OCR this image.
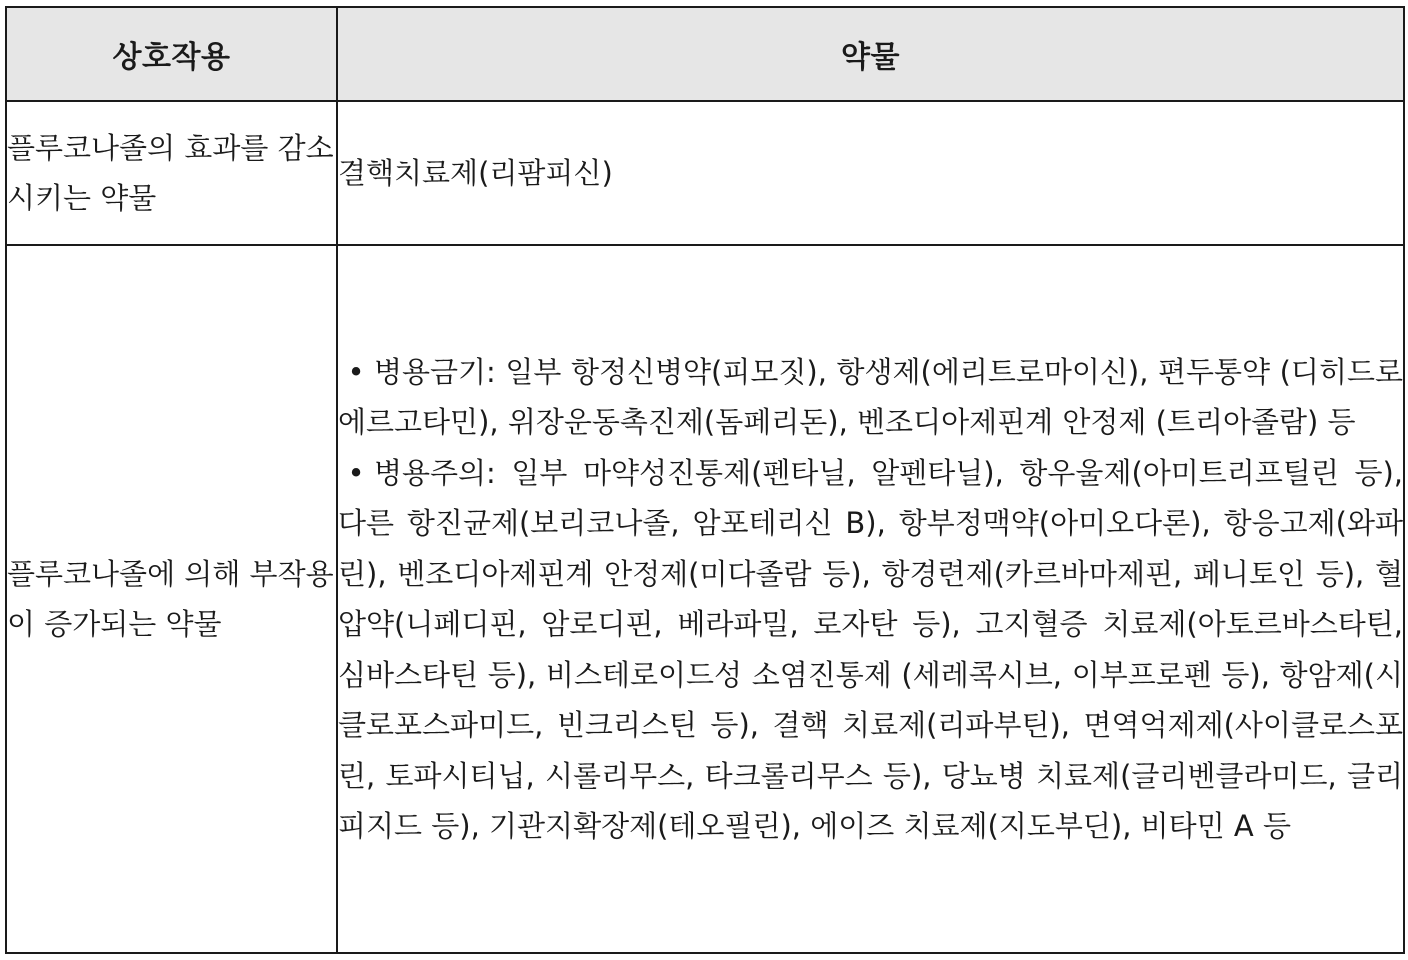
상호작용	약물
플루코나졸의 효과를 감소시키는 약물	결핵치료제(리팜피신)
플루코나졸에 의해 부작용이 증가되는 약물	• 병용금기: 일부 항정신병약(피모짓), 항생제(에리트로마이신), 편두통약 (디히드로에르고타민), 위장운동촉진제(돔페리돈), 벤조디아제핀계 안정제 (트리아졸람) 등
• 병용주의: 일부 마약성진통제(펜타닐, 알펜타닐), 항우울제(아미트리프틸린 등), 다른 항진균제(보리코나졸, 암포테리신 B), 항부정맥약(아미오다론), 항응고제(와파린), 벤조디아제핀계 안정제(미다졸람 등), 항경련제(카르바마제핀, 페니토인 등), 혈압약(니페디핀, 암로디핀, 베라파밀, 로자탄 등), 고지혈증 치료제(아토르바스타틴, 심바스타틴 등), 비스테로이드성 소염진통제 (세레콕시브, 이부프로펜 등), 항암제(시클로포스파미드, 빈크리스틴 등), 결핵 치료제(리파부틴), 면역억제제(사이클로스포린, 토파시티닙, 시롤리무스, 타크롤리무스 등), 당뇨병 치료제(글리벤클라미드, 글리피지드 등), 기관지확장제(테오필린), 에이즈 치료제(지도부딘), 비타민 A 등
